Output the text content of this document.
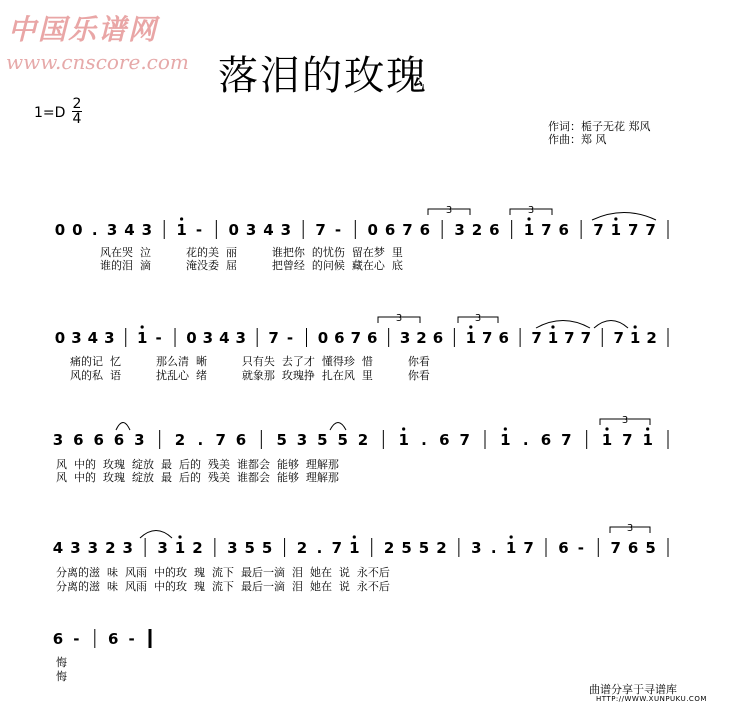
中国乐谱网
www.cnscore.com 落泪的玫瑰
1=D
2
4	作词：栀子无花 郑风
作曲：郑 风
0 0 . 3 4 3 1 - 0 3 4 3 7 - 0 6 7 6 3 2 6 1 7 6 7 1 7 7
风在哭  泣          花的美  丽          谁把你  的忧伤  留在梦  里
谁的泪  滴          淹没委  屈          把曾经  的问候  藏在心  底
0 3 4 3 1 - 0 3 4 3 7 - 0 6 7 6 3 2 6 1 7 6 7 1 7 7 7 1 2
痛的记  忆          那么清  晰          只有失  去了才  懂得珍  惜          你看
风的私  语          扰乱心  绪          就象那  玫瑰挣  扎在风  里          你看
3 6 6 6 3 2 . 7 6 5 3 5 5 2 1 . 6 7 1 . 6 7 1 7 1
风  中的  玫瑰  绽放  最  后的  残美  谁都会  能够  理解那
风  中的  玫瑰  绽放  最  后的  残美  谁都会  能够  理解那
4 3 3 2 3 3 1 2 3 5 5 2 . 7 1 2 5 5 2 3 . 1 7 6 - 7 6 5
分离的滋  味  风雨  中的玫  瑰  流下  最后一滴  泪  她在  说  永不后
分离的滋  味  风雨  中的玫  瑰  流下  最后一滴  泪  她在  说  永不后
6 - 6 -
悔
悔
3	3
3	3
3
3
曲谱分享于寻谱库
HTTP://WWW.XUNPUKU.COM
